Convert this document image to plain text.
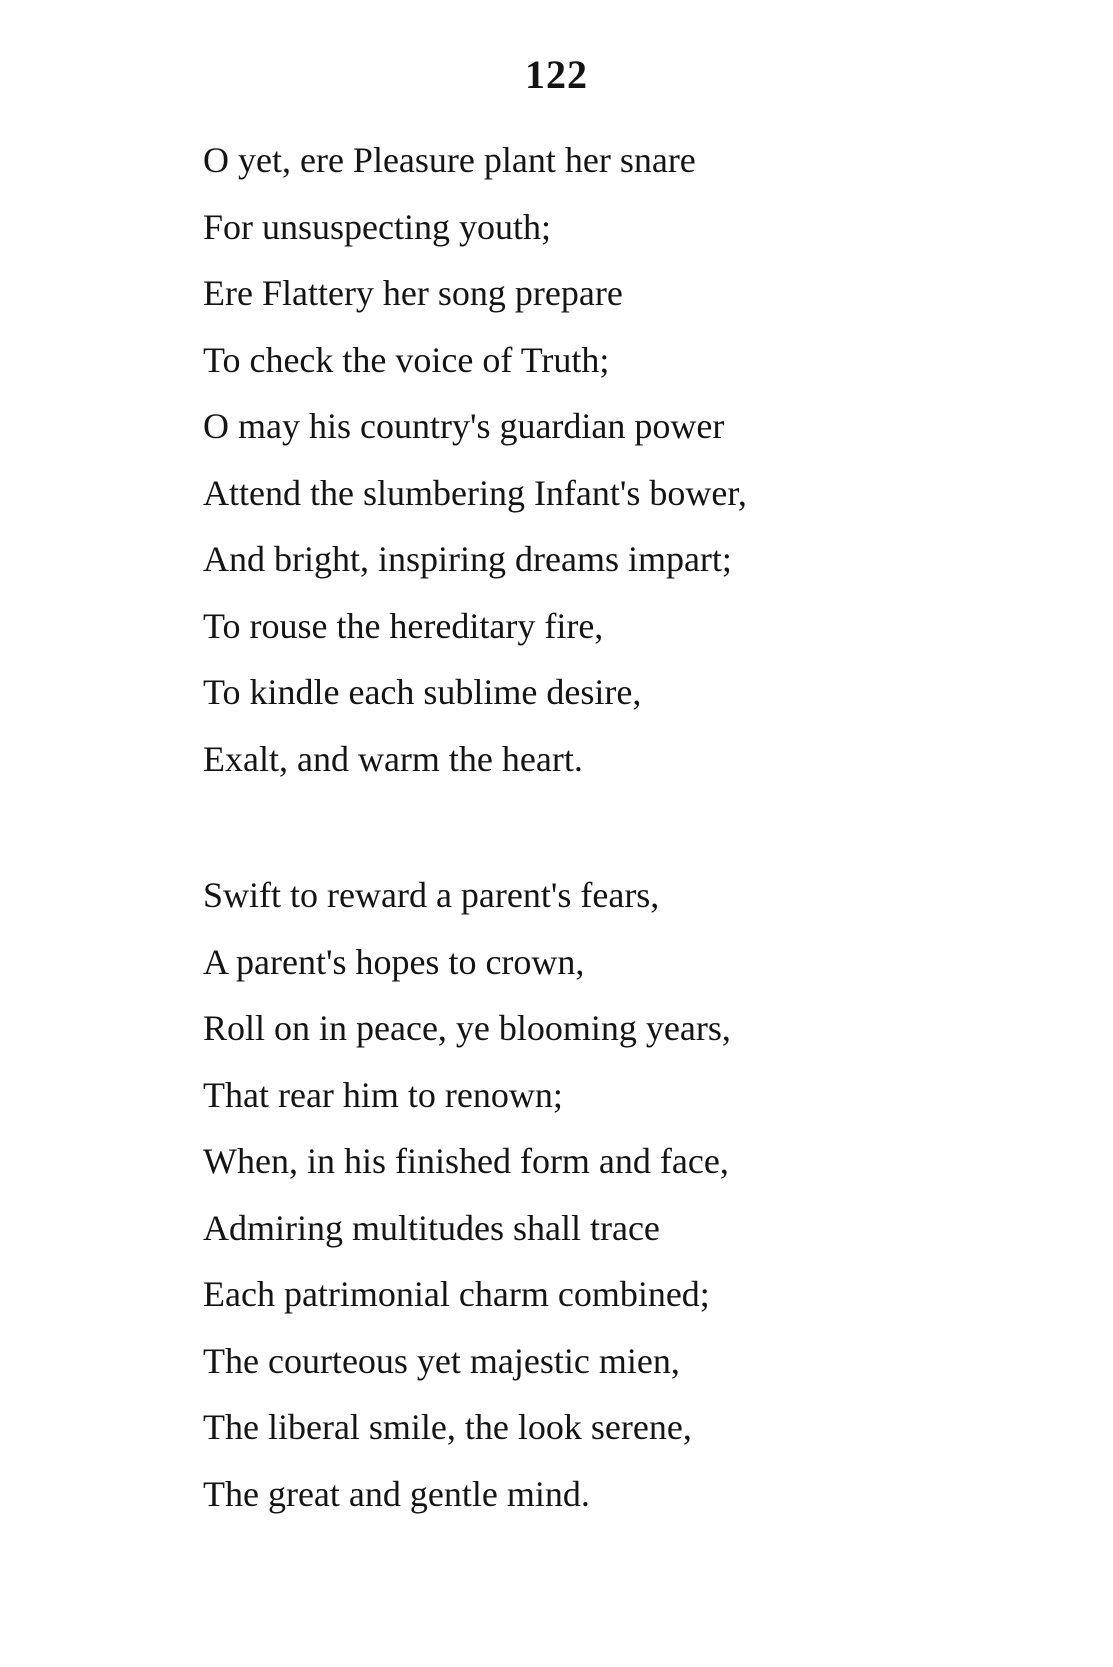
122
O yet, ere Pleasure plant her snare
For unsuspecting youth;
Ere Flattery her song prepare
To check the voice of Truth;
O may his country's guardian power
Attend the slumbering Infant's bower,
And bright, inspiring dreams impart;
To rouse the hereditary fire,
To kindle each sublime desire,
Exalt, and warm the heart.
Swift to reward a parent's fears,
A parent's hopes to crown,
Roll on in peace, ye blooming years,
That rear him to renown;
When, in his finished form and face,
Admiring multitudes shall trace
Each patrimonial charm combined;
The courteous yet majestic mien,
The liberal smile, the look serene,
The great and gentle mind.
